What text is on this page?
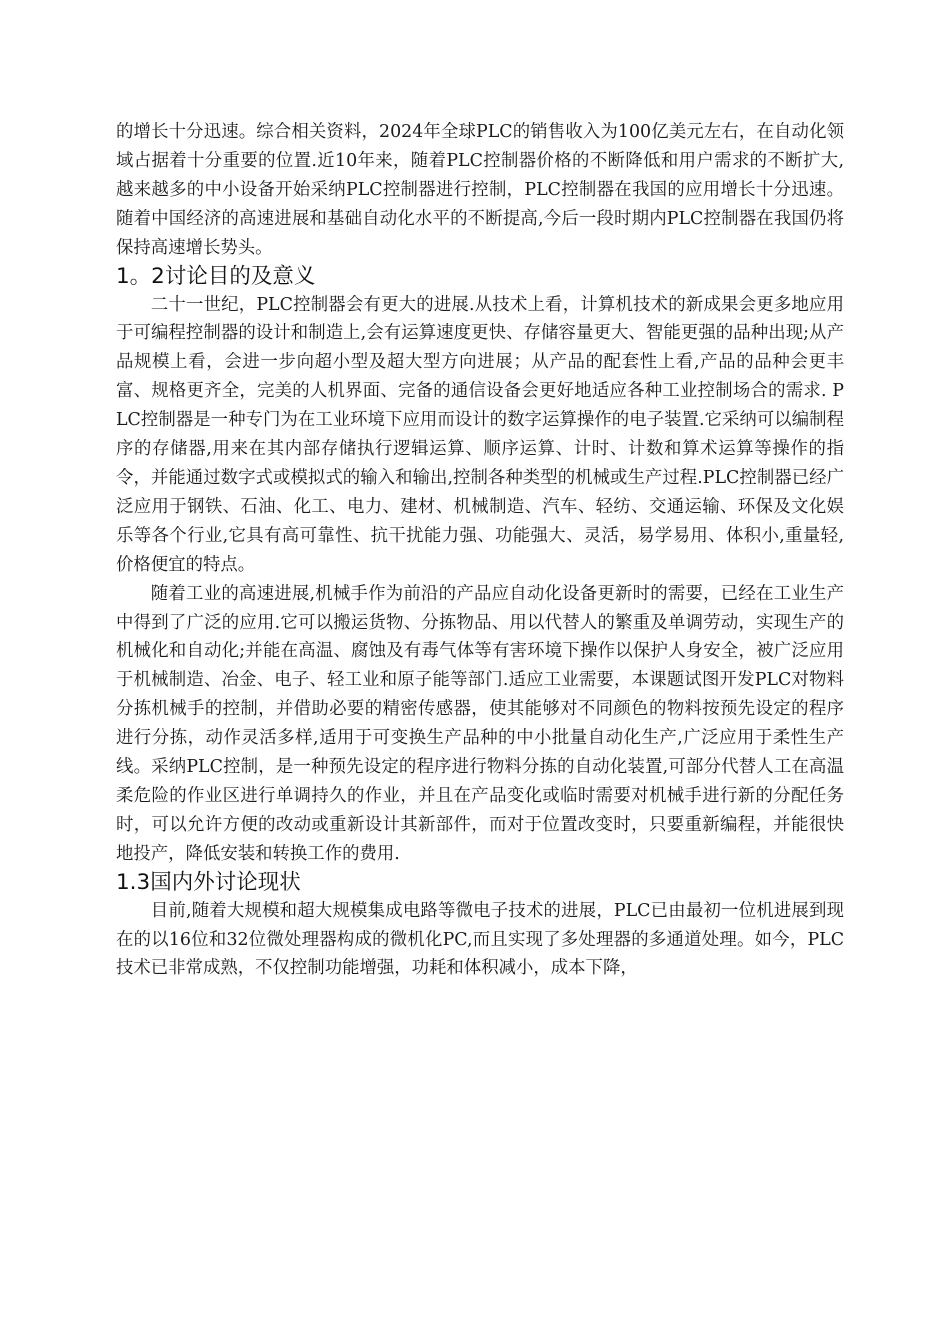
的增长十分迅速。综合相关资料，2024年全球PLC的销售收入为100亿美元左右，在自动化领域占据着十分重要的位置.近10年来，随着PLC控制器价格的不断降低和用户需求的不断扩大,越来越多的中小设备开始采纳PLC控制器进行控制，PLC控制器在我国的应用增长十分迅速。随着中国经济的高速进展和基础自动化水平的不断提高,今后一段时期内PLC控制器在我国仍将保持高速增长势头。

1。2讨论目的及意义

二十一世纪，PLC控制器会有更大的进展.从技术上看，计算机技术的新成果会更多地应用于可编程控制器的设计和制造上,会有运算速度更快、存储容量更大、智能更强的品种出现;从产品规模上看，会进一步向超小型及超大型方向进展；从产品的配套性上看,产品的品种会更丰富、规格更齐全，完美的人机界面、完备的通信设备会更好地适应各种工业控制场合的需求. PLC控制器是一种专门为在工业环境下应用而设计的数字运算操作的电子装置.它采纳可以编制程序的存储器,用来在其内部存储执行逻辑运算、顺序运算、计时、计数和算术运算等操作的指令，并能通过数字式或模拟式的输入和输出,控制各种类型的机械或生产过程.PLC控制器已经广泛应用于钢铁、石油、化工、电力、建材、机械制造、汽车、轻纺、交通运输、环保及文化娱乐等各个行业,它具有高可靠性、抗干扰能力强、功能强大、灵活，易学易用、体积小,重量轻,价格便宜的特点。

随着工业的高速进展,机械手作为前沿的产品应自动化设备更新时的需要，已经在工业生产中得到了广泛的应用.它可以搬运货物、分拣物品、用以代替人的繁重及单调劳动，实现生产的机械化和自动化;并能在高温、腐蚀及有毒气体等有害环境下操作以保护人身安全，被广泛应用于机械制造、冶金、电子、轻工业和原子能等部门.适应工业需要，本课题试图开发PLC对物料分拣机械手的控制，并借助必要的精密传感器，使其能够对不同颜色的物料按预先设定的程序进行分拣，动作灵活多样,适用于可变换生产品种的中小批量自动化生产,广泛应用于柔性生产线。采纳PLC控制，是一种预先设定的程序进行物料分拣的自动化装置,可部分代替人工在高温柔危险的作业区进行单调持久的作业，并且在产品变化或临时需要对机械手进行新的分配任务时，可以允许方便的改动或重新设计其新部件，而对于位置改变时，只要重新编程，并能很快地投产，降低安装和转换工作的费用.

1.3国内外讨论现状

目前,随着大规模和超大规模集成电路等微电子技术的进展，PLC已由最初一位机进展到现在的以16位和32位微处理器构成的微机化PC,而且实现了多处理器的多通道处理。如今，PLC技术已非常成熟，不仅控制功能增强，功耗和体积减小，成本下降，
